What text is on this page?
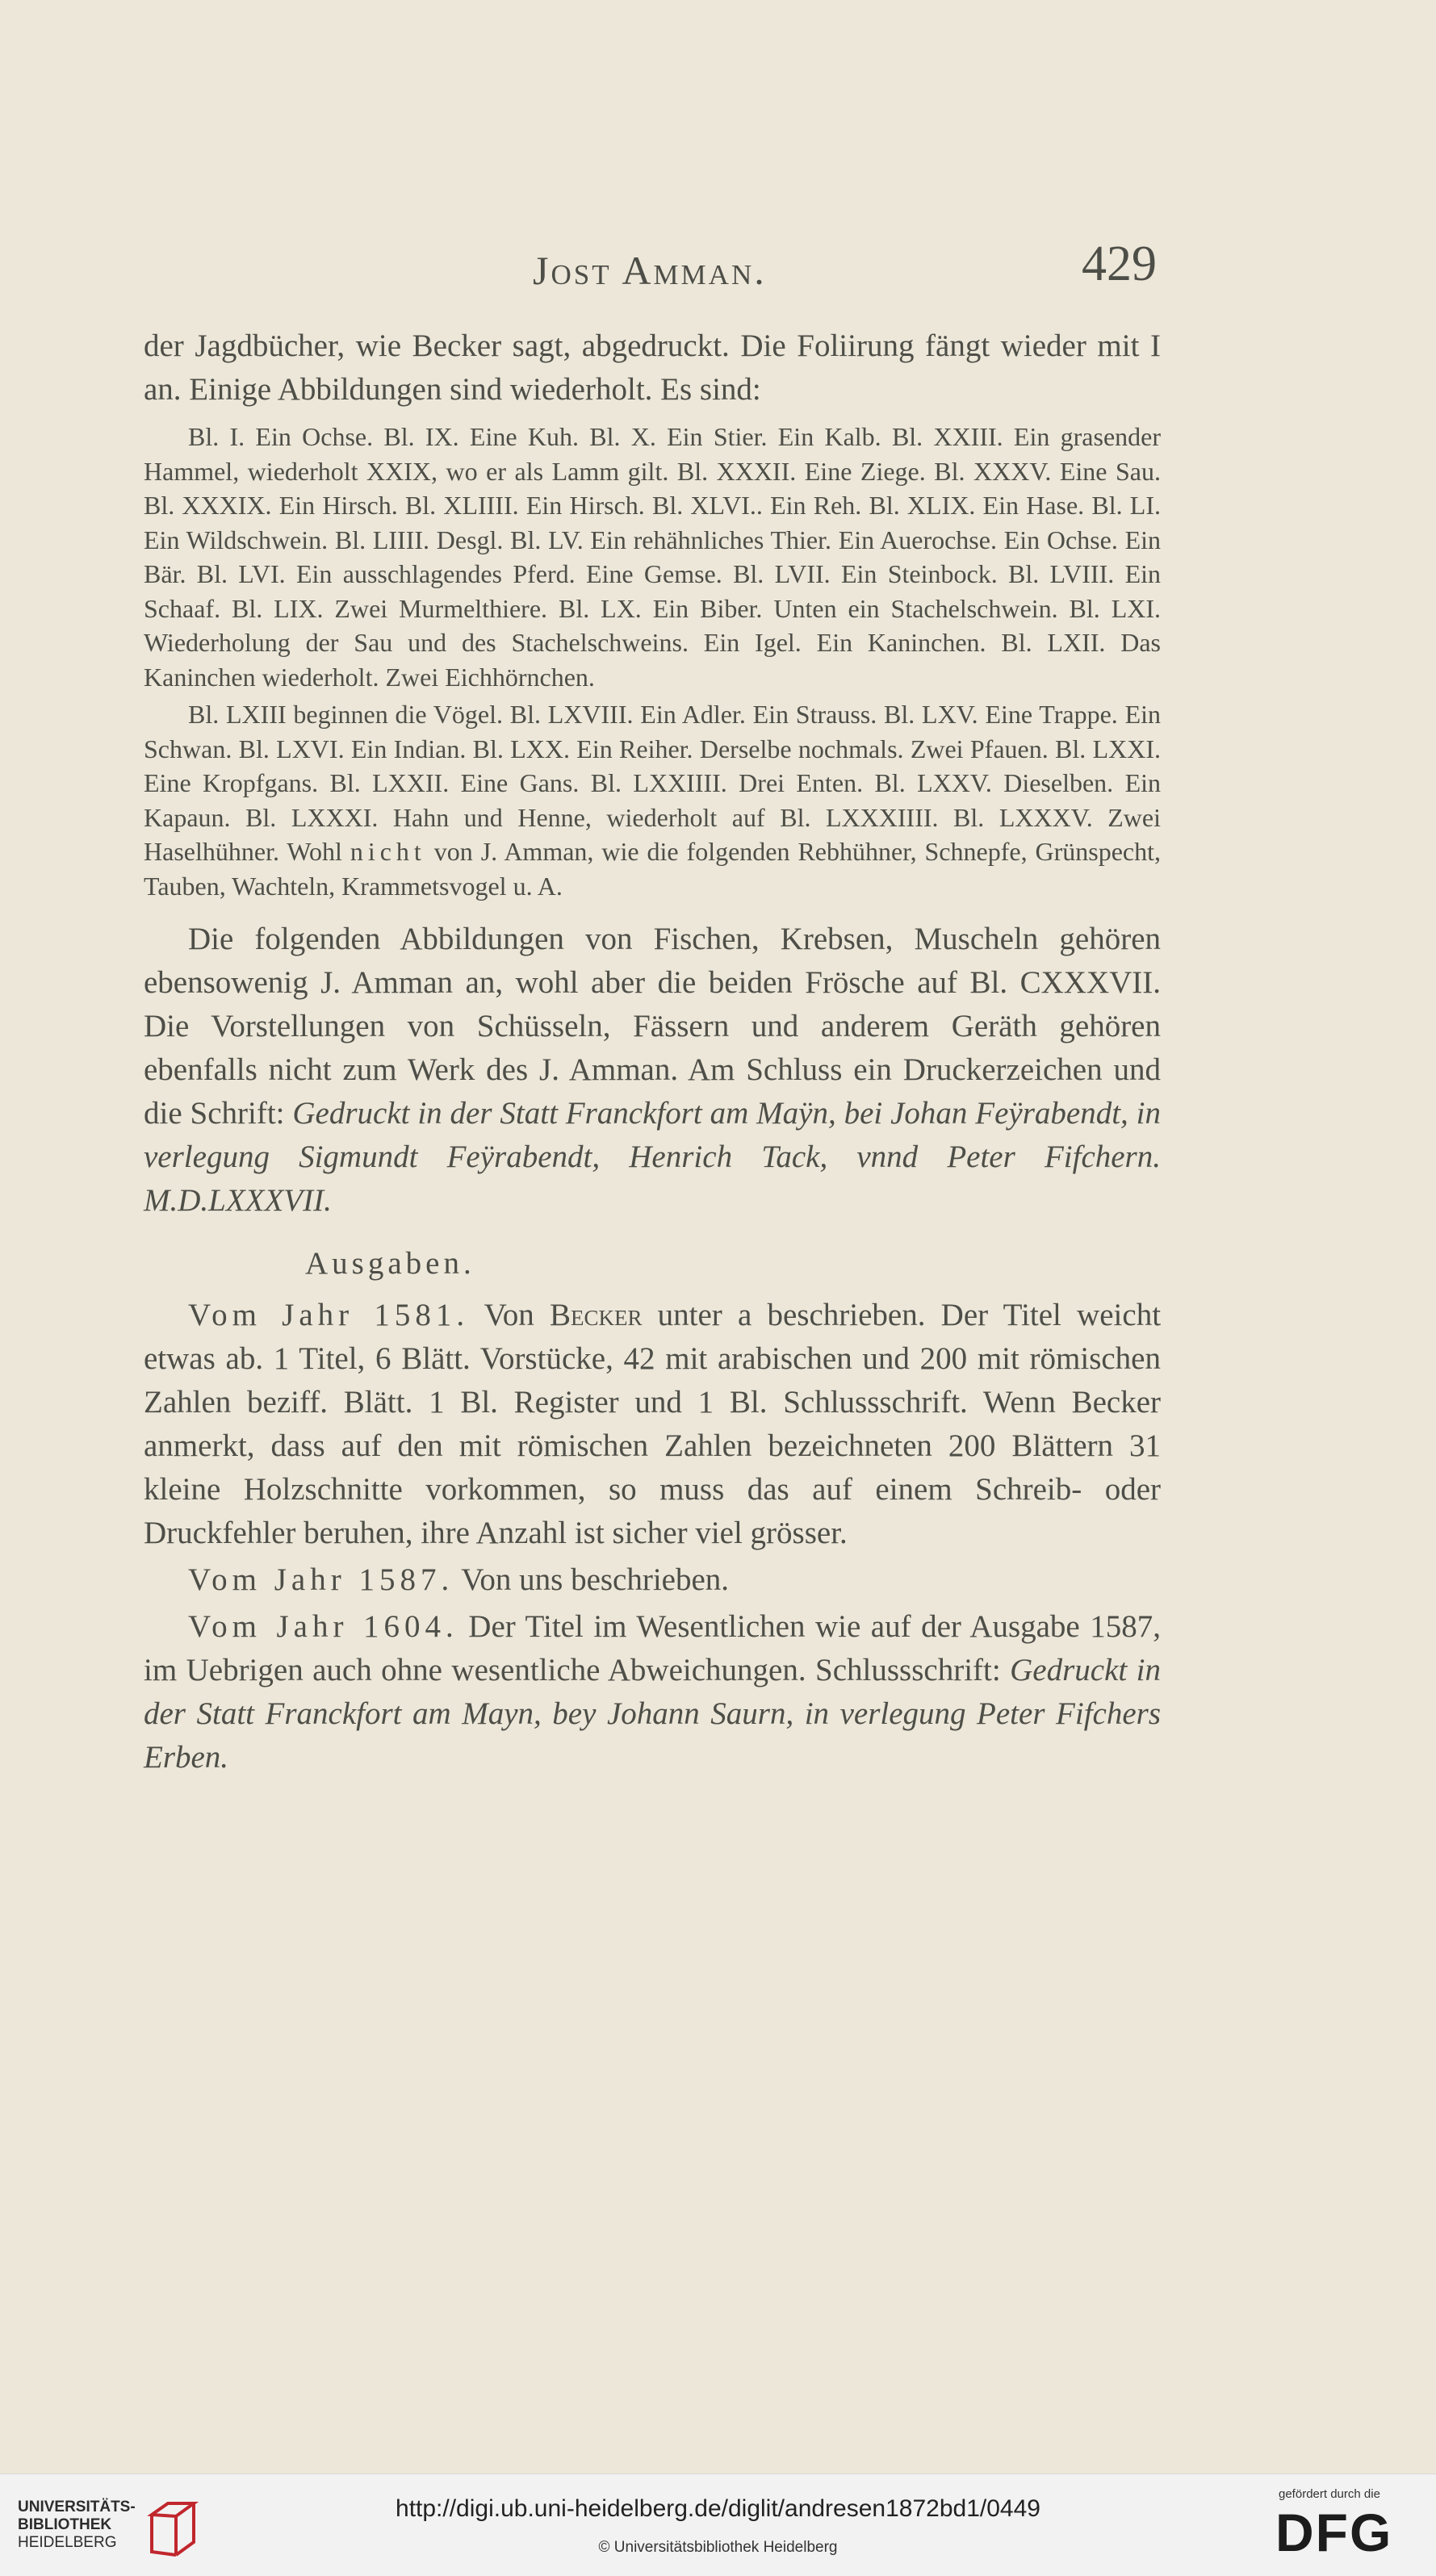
Jost Amman.	429

der Jagdbücher, wie Becker sagt, abgedruckt. Die Foliirung fängt wieder mit I an. Einige Abbildungen sind wiederholt. Es sind:

Bl. I. Ein Ochse. Bl. IX. Eine Kuh. Bl. X. Ein Stier. Ein Kalb. Bl. XXIII. Ein grasender Hammel, wiederholt XXIX, wo er als Lamm gilt. Bl. XXXII. Eine Ziege. Bl. XXXV. Eine Sau. Bl. XXXIX. Ein Hirsch. Bl. XLIIII. Ein Hirsch. Bl. XLVI.. Ein Reh. Bl. XLIX. Ein Hase. Bl. LI. Ein Wildschwein. Bl. LIIII. Desgl. Bl. LV. Ein rehähnliches Thier. Ein Auerochse. Ein Ochse. Ein Bär. Bl. LVI. Ein ausschlagendes Pferd. Eine Gemse. Bl. LVII. Ein Steinbock. Bl. LVIII. Ein Schaaf. Bl. LIX. Zwei Murmelthiere. Bl. LX. Ein Biber. Unten ein Stachelschwein. Bl. LXI. Wiederholung der Sau und des Stachelschweins. Ein Igel. Ein Kaninchen. Bl. LXII. Das Kaninchen wiederholt. Zwei Eichhörnchen.

Bl. LXIII beginnen die Vögel. Bl. LXVIII. Ein Adler. Ein Strauss. Bl. LXV. Eine Trappe. Ein Schwan. Bl. LXVI. Ein Indian. Bl. LXX. Ein Reiher. Derselbe nochmals. Zwei Pfauen. Bl. LXXI. Eine Kropfgans. Bl. LXXII. Eine Gans. Bl. LXXIIII. Drei Enten. Bl. LXXV. Dieselben. Ein Kapaun. Bl. LXXXI. Hahn und Henne, wiederholt auf Bl. LXXXIIII. Bl. LXXXV. Zwei Haselhühner. Wohl nicht von J. Amman, wie die folgenden Rebhühner, Schnepfe, Grünspecht, Tauben, Wachteln, Krammetsvogel u. A.

Die folgenden Abbildungen von Fischen, Krebsen, Muscheln gehören ebensowenig J. Amman an, wohl aber die beiden Frösche auf Bl. CXXXVII. Die Vorstellungen von Schüsseln, Fässern und anderem Geräth gehören ebenfalls nicht zum Werk des J. Amman. Am Schluss ein Druckerzeichen und die Schrift: Gedruckt in der Statt Franckfort am Maÿn, bei Johan Feÿrabendt, in verlegung Sigmundt Feÿrabendt, Henrich Tack, vnnd Peter Fifchern. M.D.LXXXVII.

Ausgaben.

Vom Jahr 1581. Von Becker unter a beschrieben. Der Titel weicht etwas ab. 1 Titel, 6 Blätt. Vorstücke, 42 mit arabischen und 200 mit römischen Zahlen beziff. Blätt. 1 Bl. Register und 1 Bl. Schlussschrift. Wenn Becker anmerkt, dass auf den mit römischen Zahlen bezeichneten 200 Blättern 31 kleine Holzschnitte vorkommen, so muss das auf einem Schreib- oder Druckfehler beruhen, ihre Anzahl ist sicher viel grösser.

Vom Jahr 1587. Von uns beschrieben.

Vom Jahr 1604. Der Titel im Wesentlichen wie auf der Ausgabe 1587, im Uebrigen auch ohne wesentliche Abweichungen. Schlussschrift: Gedruckt in der Statt Franckfort am Mayn, bey Johann Saurn, in verlegung Peter Fifchers Erben.

UNIVERSITÄTS-
BIBLIOTHEK
HEIDELBERG
http://digi.ub.uni-heidelberg.de/diglit/andresen1872bd1/0449
© Universitätsbibliothek Heidelberg
gefördert durch die
DFG
